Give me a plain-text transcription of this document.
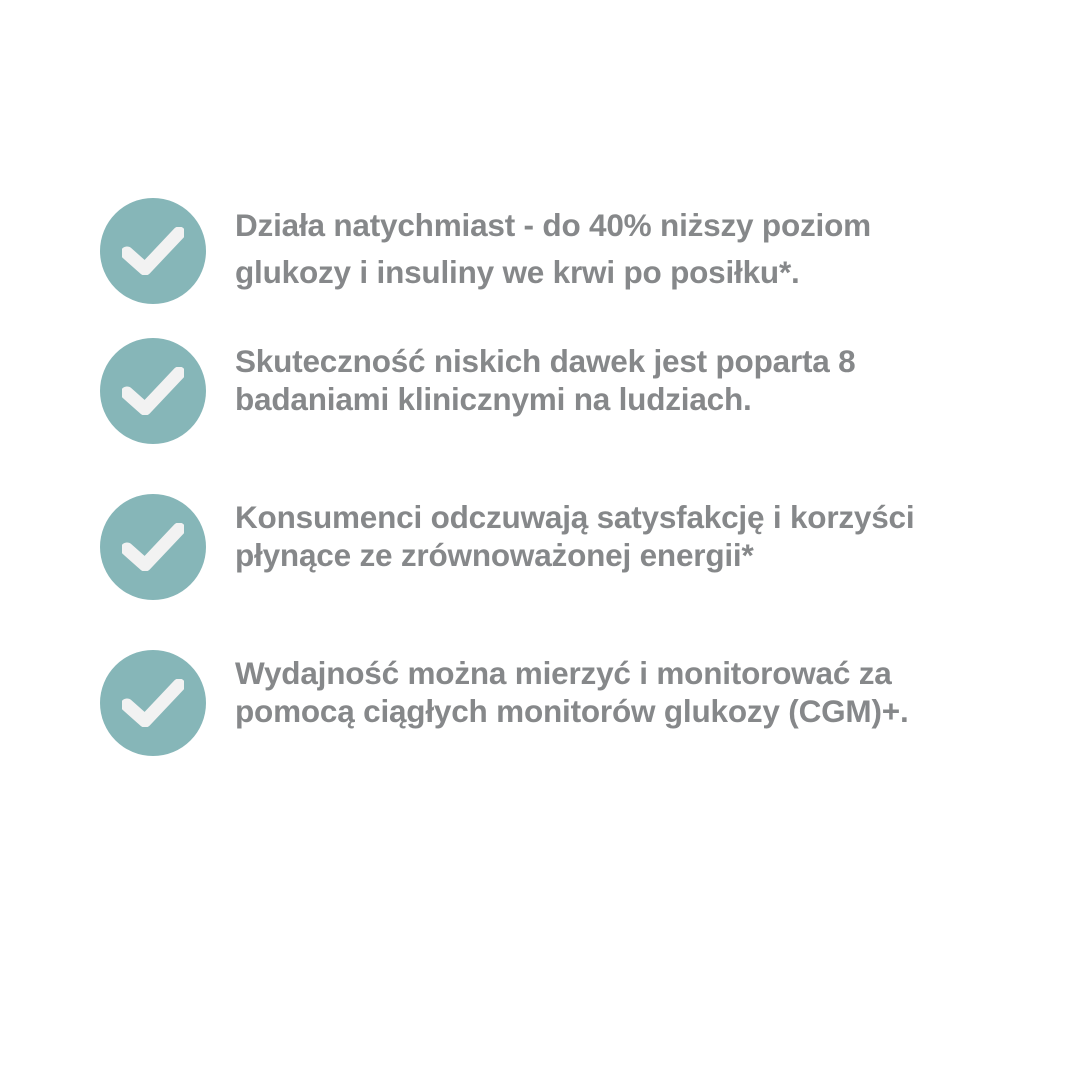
Działa natychmiast - do 40% niższy poziom glukozy i insuliny we krwi po posiłku*.
Skuteczność niskich dawek jest poparta 8 badaniami klinicznymi na ludziach.
Konsumenci odczuwają satysfakcję i korzyści płynące ze zrównoważonej energii*
Wydajność można mierzyć i monitorować za pomocą ciągłych monitorów glukozy (CGM)+.
